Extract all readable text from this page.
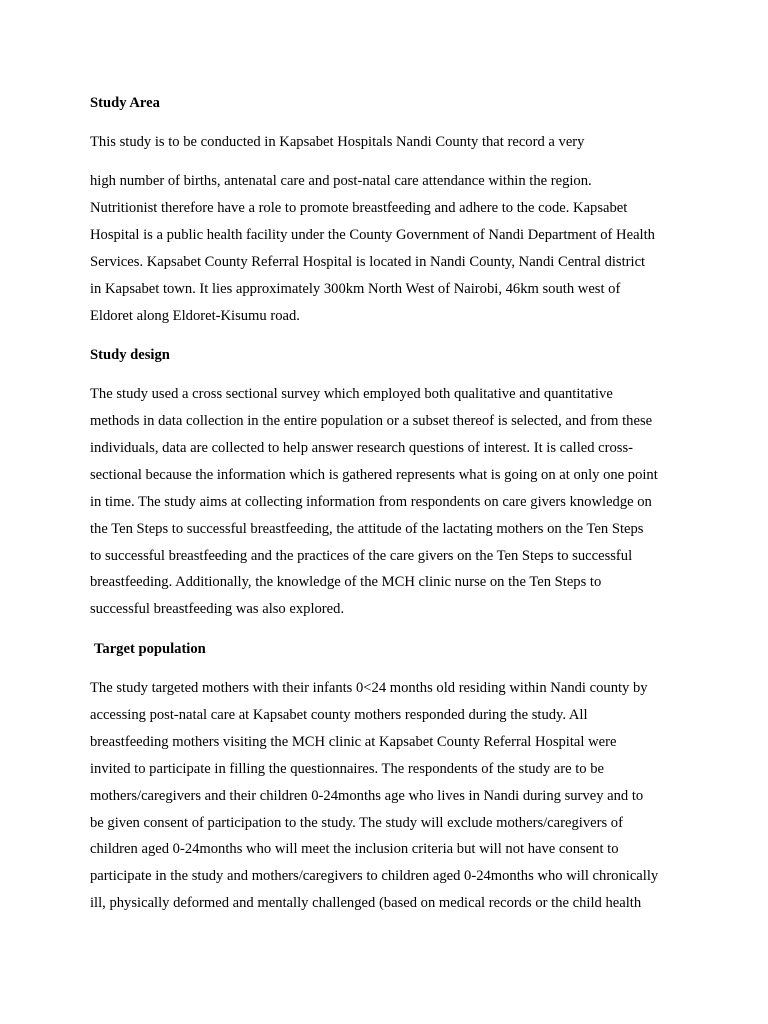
Study Area
This study is to be conducted in Kapsabet Hospitals Nandi County that record a very
high number of births, antenatal care and post-natal care attendance within the region.
Nutritionist therefore have a role to promote breastfeeding and adhere to the code. Kapsabet
Hospital is a public health facility under the County Government of Nandi Department of Health
Services. Kapsabet County Referral Hospital is located in Nandi County, Nandi Central district
in Kapsabet town. It lies approximately 300km North West of Nairobi, 46km south west of
Eldoret along Eldoret-Kisumu road.
Study design
The study used a cross sectional survey which employed both qualitative and quantitative
methods in data collection in the entire population or a subset thereof is selected, and from these
individuals, data are collected to help answer research questions of interest. It is called cross-
sectional because the information which is gathered represents what is going on at only one point
in time. The study aims at collecting information from respondents on care givers knowledge on
the Ten Steps to successful breastfeeding, the attitude of the lactating mothers on the Ten Steps
to successful breastfeeding and the practices of the care givers on the Ten Steps to successful
breastfeeding. Additionally, the knowledge of the MCH clinic nurse on the Ten Steps to
successful breastfeeding was also explored.
Target population
The study targeted mothers with their infants 0<24 months old residing within Nandi county by
accessing post-natal care at Kapsabet county mothers responded during the study. All
breastfeeding mothers visiting the MCH clinic at Kapsabet County Referral Hospital were
invited to participate in filling the questionnaires. The respondents of the study are to be
mothers/caregivers and their children 0-24months age who lives in Nandi during survey and to
be given consent of participation to the study. The study will exclude mothers/caregivers of
children aged 0-24months who will meet the inclusion criteria but will not have consent to
participate in the study and mothers/caregivers to children aged 0-24months who will chronically
ill, physically deformed and mentally challenged (based on medical records or the child health
